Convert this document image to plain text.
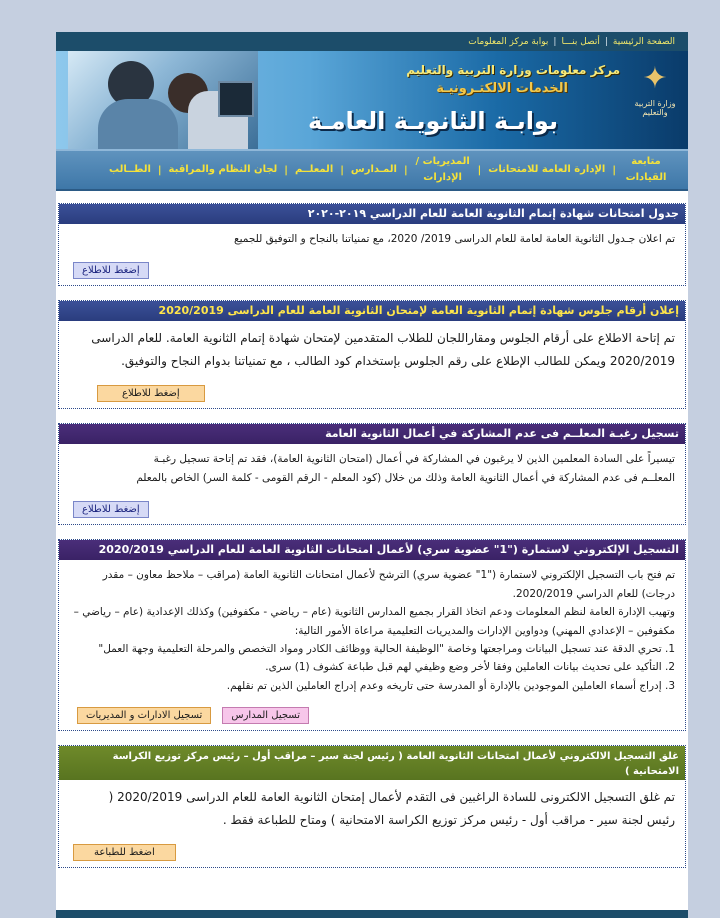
الصفحة الرئيسية
|
أتصل بنـــا
|
بوابة مركز المعلومات
✦
وزارة التربية والتعليم
مركز معلومات وزارة التربية والتعليم
الخدمات الالكتـرونيـة
بوابـة الثانويـة العامـة
متابعة القيادات
|
الإدارة العامة للامتحانات
|
المديريات / الإدارات
|
المـدارس
|
المعلــم
|
لجان النظام والمراقبة
|
الطــالب
جدول امتحانات شهادة إتمام الثانوية العامة للعام الدراسي ٢٠١٩-٢٠٢٠
تم اعلان جـدول الثانوية العامة لعامة للعام الدراسى 2019/ 2020، مع تمنياتنا بالنجاح و التوفيق للجميع
إضغط للاطلاع
إعلان أرقام جلوس شهادة إتمام الثانوية العامة لإمتحان الثانوية العامة للعام الدراسى 2020/2019
تم إتاحة الاطلاع على أرقام الجلوس ومقاراللجان للطلاب المتقدمين لإمتحان شهادة إتمام الثانوية العامة. للعام الدراسى
2020/2019 ويمكن للطالب الإطلاع على رقم الجلوس بإستخدام كود الطالب ، مع تمنياتنا بدوام النجاح والتوفيق.
إضغط للاطلاع
تسجيل رغبـة المعلــم فى عدم المشاركة في أعمال الثانوية العامة
تيسيراً على السادة المعلمين الذين لا يرغبون في المشاركة في أعمال (امتحان الثانوية العامة)، فقد تم إتاحة تسجيل رغبـة
المعلــم فى عدم المشاركة في أعمال الثانوية العامة وذلك من خلال (كود المعلم - الرقم القومى - كلمة السر) الخاص بالمعلم
إضغط للاطلاع
التسجيل الإلكتروني لاستمارة ("1" عضوية سري) لأعمال امتحانات الثانوية العامة للعام الدراسي 2020/2019
تم فتح باب التسجيل الإلكتروني لاستمارة ("1" عضوية سري) الترشح لأعمال امتحانات الثانوية العامة (مراقب – ملاحظ معاون – مقدر درجات) للعام الدراسي 2020/2019.
وتهيب الإدارة العامة لنظم المعلومات ودعم اتخاذ القرار بجميع المدارس الثانوية (عام – رياضي - مكفوفين) وكذلك الإعدادية (عام – رياضي – مكفوفين – الإعدادي المهني) ودواوين الإدارات والمديريات التعليمية مراعاة الأمور التالية:
1. تحري الدقة عند تسجيل البيانات ومراجعتها وخاصة "الوظيفة الحالية ووظائف الكادر ومواد التخصص والمرحلة التعليمية وجهة العمل"
2. التأكيد على تحديث بيانات العاملين وفقا لأخر وضع وظيفي لهم قبل طباعة كشوف (1) سرى.
3. إدراج أسماء العاملين الموجودين بالإدارة أو المدرسة حتى تاريخه وعدم إدراج العاملين الذين تم نقلهم.
تسجيل المدارس تسجيل الادارات و المديريات
غلق التسجيل الالكتروني لأعمال امتحانات الثانوية العامة ( رئيس لجنة سير – مراقب أول – رئيس مركز توزيع الكراسة الامتحانية )
تم غلق التسجيل الالكترونى للسادة الراغبين فى التقدم لأعمال إمتحان الثانوية العامة للعام الدراسى 2020/2019 (
رئيس لجنة سير - مراقب أول - رئيس مركز توزيع الكراسة الامتحانية ) ومتاح للطباعة فقط .
اضغط للطباعة
